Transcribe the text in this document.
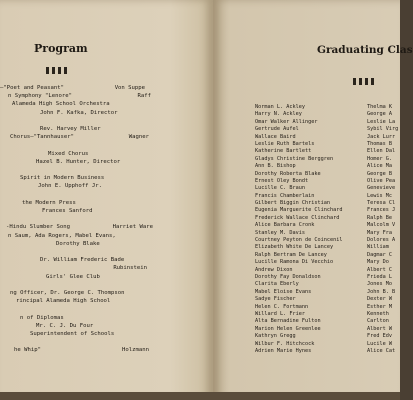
Program
—"Poet and Peasant"	Von Suppe
n Symphony "Lenore"	Raff
Alameda High School Orchestra
John F. Kafka, Director
Rev. Harvey Miller
Chorus—"Tannhauser"	Wagner
Mixed Chorus
Hazel B. Hunter, Director
Spirit in Modern Business
John E. Upphoff Jr.
the Modern Press
Frances Sanford
-Hindu Slumber Song	Harriet Ware
n Saum, Ada Rogers, Mabel Evans,
Dorothy Blake
Dr. William Frederic Bade
Rubinstein
Girls' Glee Club
ng Officer, Dr. George C. Thompson
rincipal Alameda High School
n of Diplomas
Mr. C. J. Du Four
Superintendent of Schools
he Whip"	Holzmann
Graduating Clas
Norman L. Ackley
Harry N. Ackley
Omar Walker Allinger
Gertrude Aufel
Wallace Baird
Leslie Ruth Bartels
Katherine Bartlett
Gladys Christine Berggren
Ann B. Bishop
Dorothy Roberta Blake
Ernest Oley Bondt
Lucille C. Braun
Francis Chamberlain
Gilbert Biggin Christian
Eugenia Marguerite Clinchard
Frederick Wallace Clinchard
Alice Barbara Cronk
Stanley M. Davis
Courtney Peyton de Coincenil
Elizabeth White De Lancey
Ralph Bertram De Lancey
Lucille Ramona Di Vecchio
Andrew Dixon
Dorothy Fay Donaldson
Clarita Eberly
Mabel Eloise Evans
Sadye Fischer
Helen C. Fortmann
Willard L. Frier
Alta Bernadine Fulton
Marion Helen Greenlee
Kathryn Gregg
Wilbur F. Hitchcock
Adrien Marie Hynes
Thelma K
George A
Leslie La
Sybil Virg
Jack Lurr
Thomas B
Ellen Dal
Homer G.
Alice Ma
George B
Olive Pea
Genevieve
Lewis Mc
Teresa Cl
Frances J
Ralph Be
Malcolm V
Mary Fra
Dolores A
William
Dagmar C
Mary Do
Albert C
Frieda L
Jones Mo
John B. B
Dexter W
Esther M
Kenneth
Carlton
Albert W
Fred Edv
Lucile W
Alice Cat
